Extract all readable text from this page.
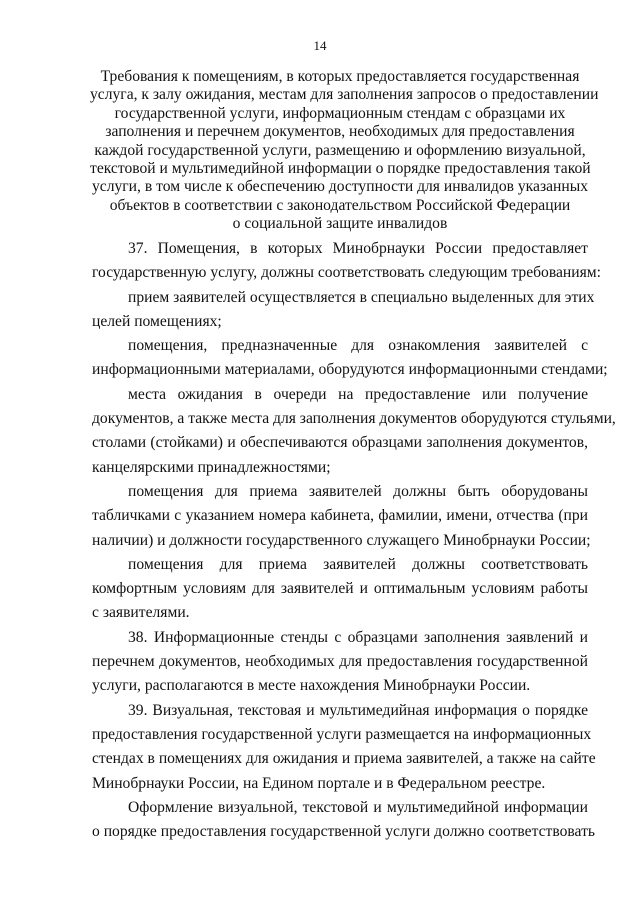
14
Требования к помещениям, в которых предоставляется государственная
услуга, к залу ожидания, местам для заполнения запросов о предоставлении
государственной услуги, информационным стендам с образцами их
заполнения и перечнем документов, необходимых для предоставления
каждой государственной услуги, размещению и оформлению визуальной,
текстовой и мультимедийной информации о порядке предоставления такой
услуги, в том числе к обеспечению доступности для инвалидов указанных
объектов в соответствии с законодательством Российской Федерации
о социальной защите инвалидов
37. Помещения, в которых Минобрнауки России предоставляет
государственную услугу, должны соответствовать следующим требованиям:
прием заявителей осуществляется в специально выделенных для этих
целей помещениях;
помещения, предназначенные для ознакомления заявителей с
информационными материалами, оборудуются информационными стендами;
места ожидания в очереди на предоставление или получение
документов, а также места для заполнения документов оборудуются стульями,
столами (стойками) и обеспечиваются образцами заполнения документов,
канцелярскими принадлежностями;
помещения для приема заявителей должны быть оборудованы
табличками с указанием номера кабинета, фамилии, имени, отчества (при
наличии) и должности государственного служащего Минобрнауки России;
помещения для приема заявителей должны соответствовать
комфортным условиям для заявителей и оптимальным условиям работы
с заявителями.
38. Информационные стенды с образцами заполнения заявлений и
перечнем документов, необходимых для предоставления государственной
услуги, располагаются в месте нахождения Минобрнауки России.
39. Визуальная, текстовая и мультимедийная информация о порядке
предоставления государственной услуги размещается на информационных
стендах в помещениях для ожидания и приема заявителей, а также на сайте
Минобрнауки России, на Едином портале и в Федеральном реестре.
Оформление визуальной, текстовой и мультимедийной информации
о порядке предоставления государственной услуги должно соответствовать
